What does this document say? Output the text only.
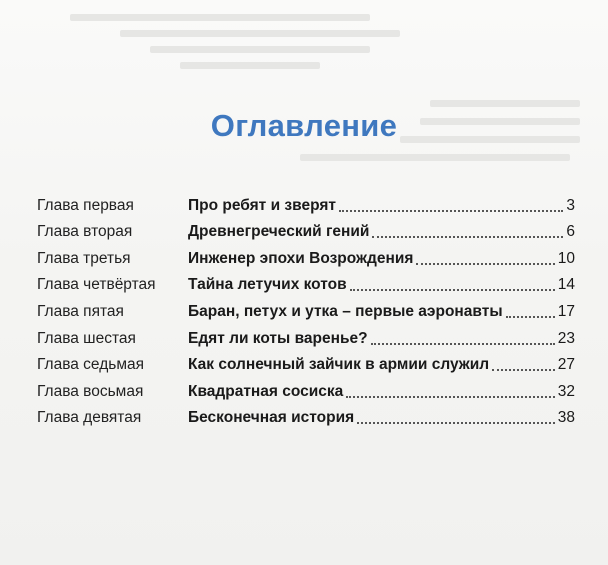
Оглавление
Глава первая	Про ребят и зверят	3
Глава вторая	Древнегреческий гений	6
Глава третья	Инженер эпохи Возрождения	10
Глава четвёртая	Тайна летучих котов	14
Глава пятая	Баран, петух и утка – первые аэронавты	17
Глава шестая	Едят ли коты варенье?	23
Глава седьмая	Как солнечный зайчик в армии служил	27
Глава восьмая	Квадратная сосиска	32
Глава девятая	Бесконечная история	38
